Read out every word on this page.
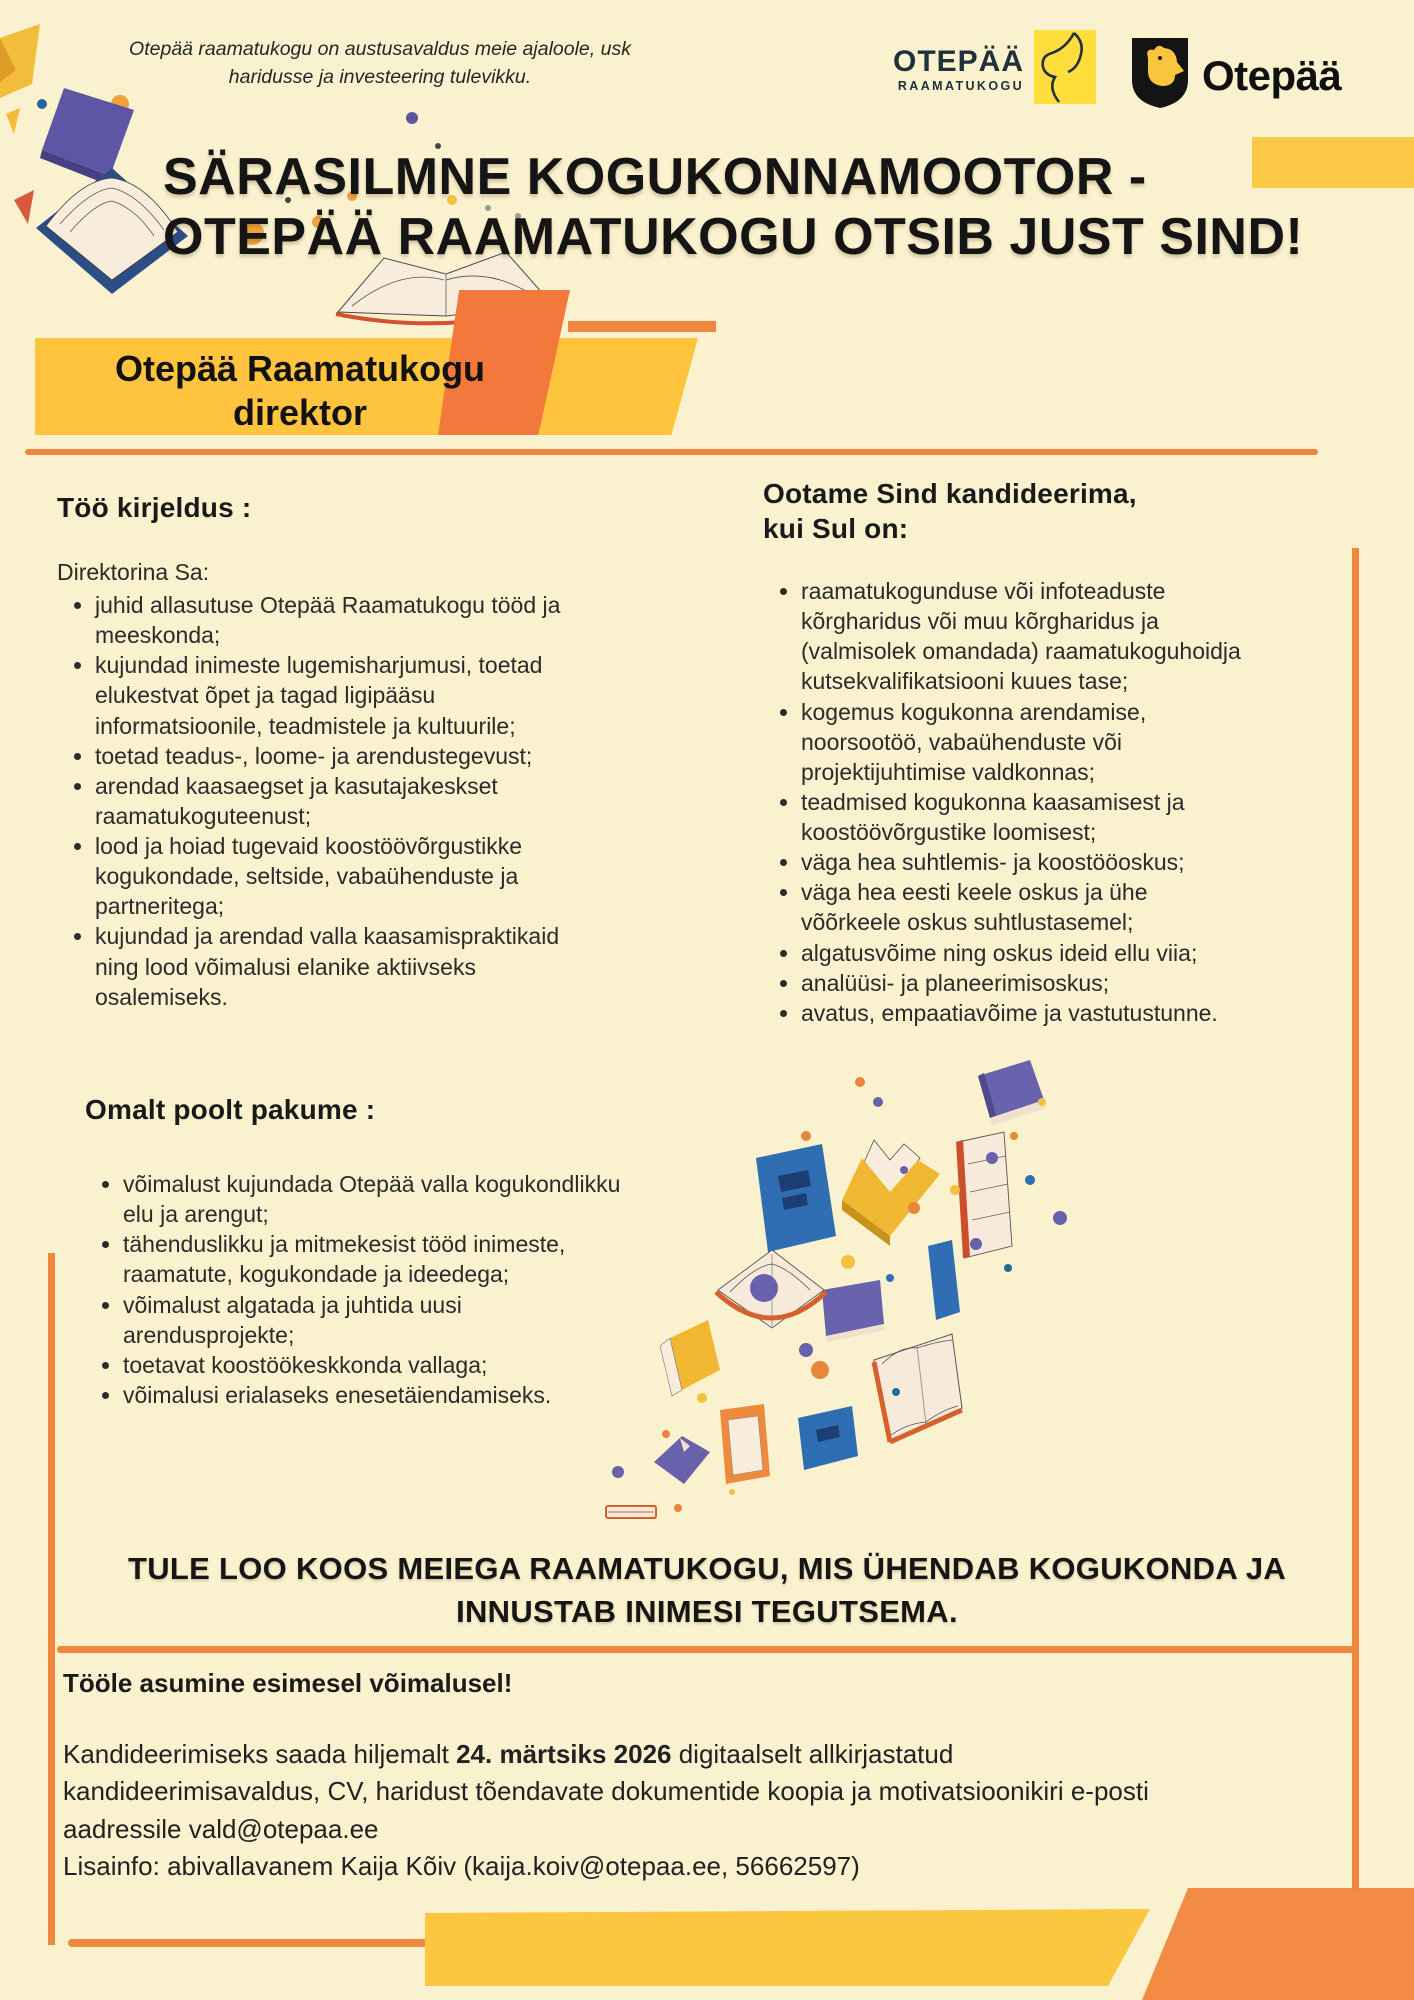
Otepää raamatukogu on austusavaldus meie ajaloole, usk
haridusse ja investeering tulevikku.	OTEPÄÄ
RAAMATUKOGU	Otepää
SÄRASILMNE KOGUKONNAMOOTOR -
OTEPÄÄ RAAMATUKOGU OTSIB JUST SIND!
Otepää Raamatukogu
direktor
Töö kirjeldus :
Direktorina Sa:
• juhid allasutuse Otepää Raamatukogu tööd ja meeskonda;
• kujundad inimeste lugemisharjumusi, toetad elukestvat õpet ja tagad ligipääsu informatsioonile, teadmistele ja kultuurile;
• toetad teadus-, loome- ja arendustegevust;
• arendad kaasaegset ja kasutajakeskset raamatukoguteenust;
• lood ja hoiad tugevaid koostöövõrgustikke kogukondade, seltside, vabaühenduste ja partneritega;
• kujundad ja arendad valla kaasamispraktikaid ning lood võimalusi elanike aktiivseks osalemiseks.
Ootame Sind kandideerima,
kui Sul on:
• raamatukogunduse või infoteaduste kõrgharidus või muu kõrgharidus ja (valmisolek omandada) raamatukoguhoidja kutsekvalifikatsiooni kuues tase;
• kogemus kogukonna arendamise, noorsootöö, vabaühenduste või projektijuhtimise valdkonnas;
• teadmised kogukonna kaasamisest ja koostöövõrgustike loomisest;
• väga hea suhtlemis- ja koostööoskus;
• väga hea eesti keele oskus ja ühe võõrkeele oskus suhtlustasemel;
• algatusvõime ning oskus ideid ellu viia;
• analüüsi- ja planeerimisoskus;
• avatus, empaatiavõime ja vastutustunne.
Omalt poolt pakume :
• võimalust kujundada Otepää valla kogukondlikku elu ja arengut;
• tähenduslikku ja mitmekesist tööd inimeste, raamatute, kogukondade ja ideedega;
• võimalust algatada ja juhtida uusi arendusprojekte;
• toetavat koostöökeskkonda vallaga;
• võimalusi erialaseks enesetäiendamiseks.
TULE LOO KOOS MEIEGA RAAMATUKOGU, MIS ÜHENDAB KOGUKONDA JA INNUSTAB INIMESI TEGUTSEMA.
Tööle asumine esimesel võimalusel!

Kandideerimiseks saada hiljemalt 24. märtsiks 2026 digitaalselt allkirjastatud kandideerimisavaldus, CV, haridust tõendavate dokumentide koopia ja motivatsioonikiri e-posti aadressile vald@otepaa.ee

Lisainfo: abivallavanem Kaija Kõiv (kaija.koiv@otepaa.ee, 56662597)
